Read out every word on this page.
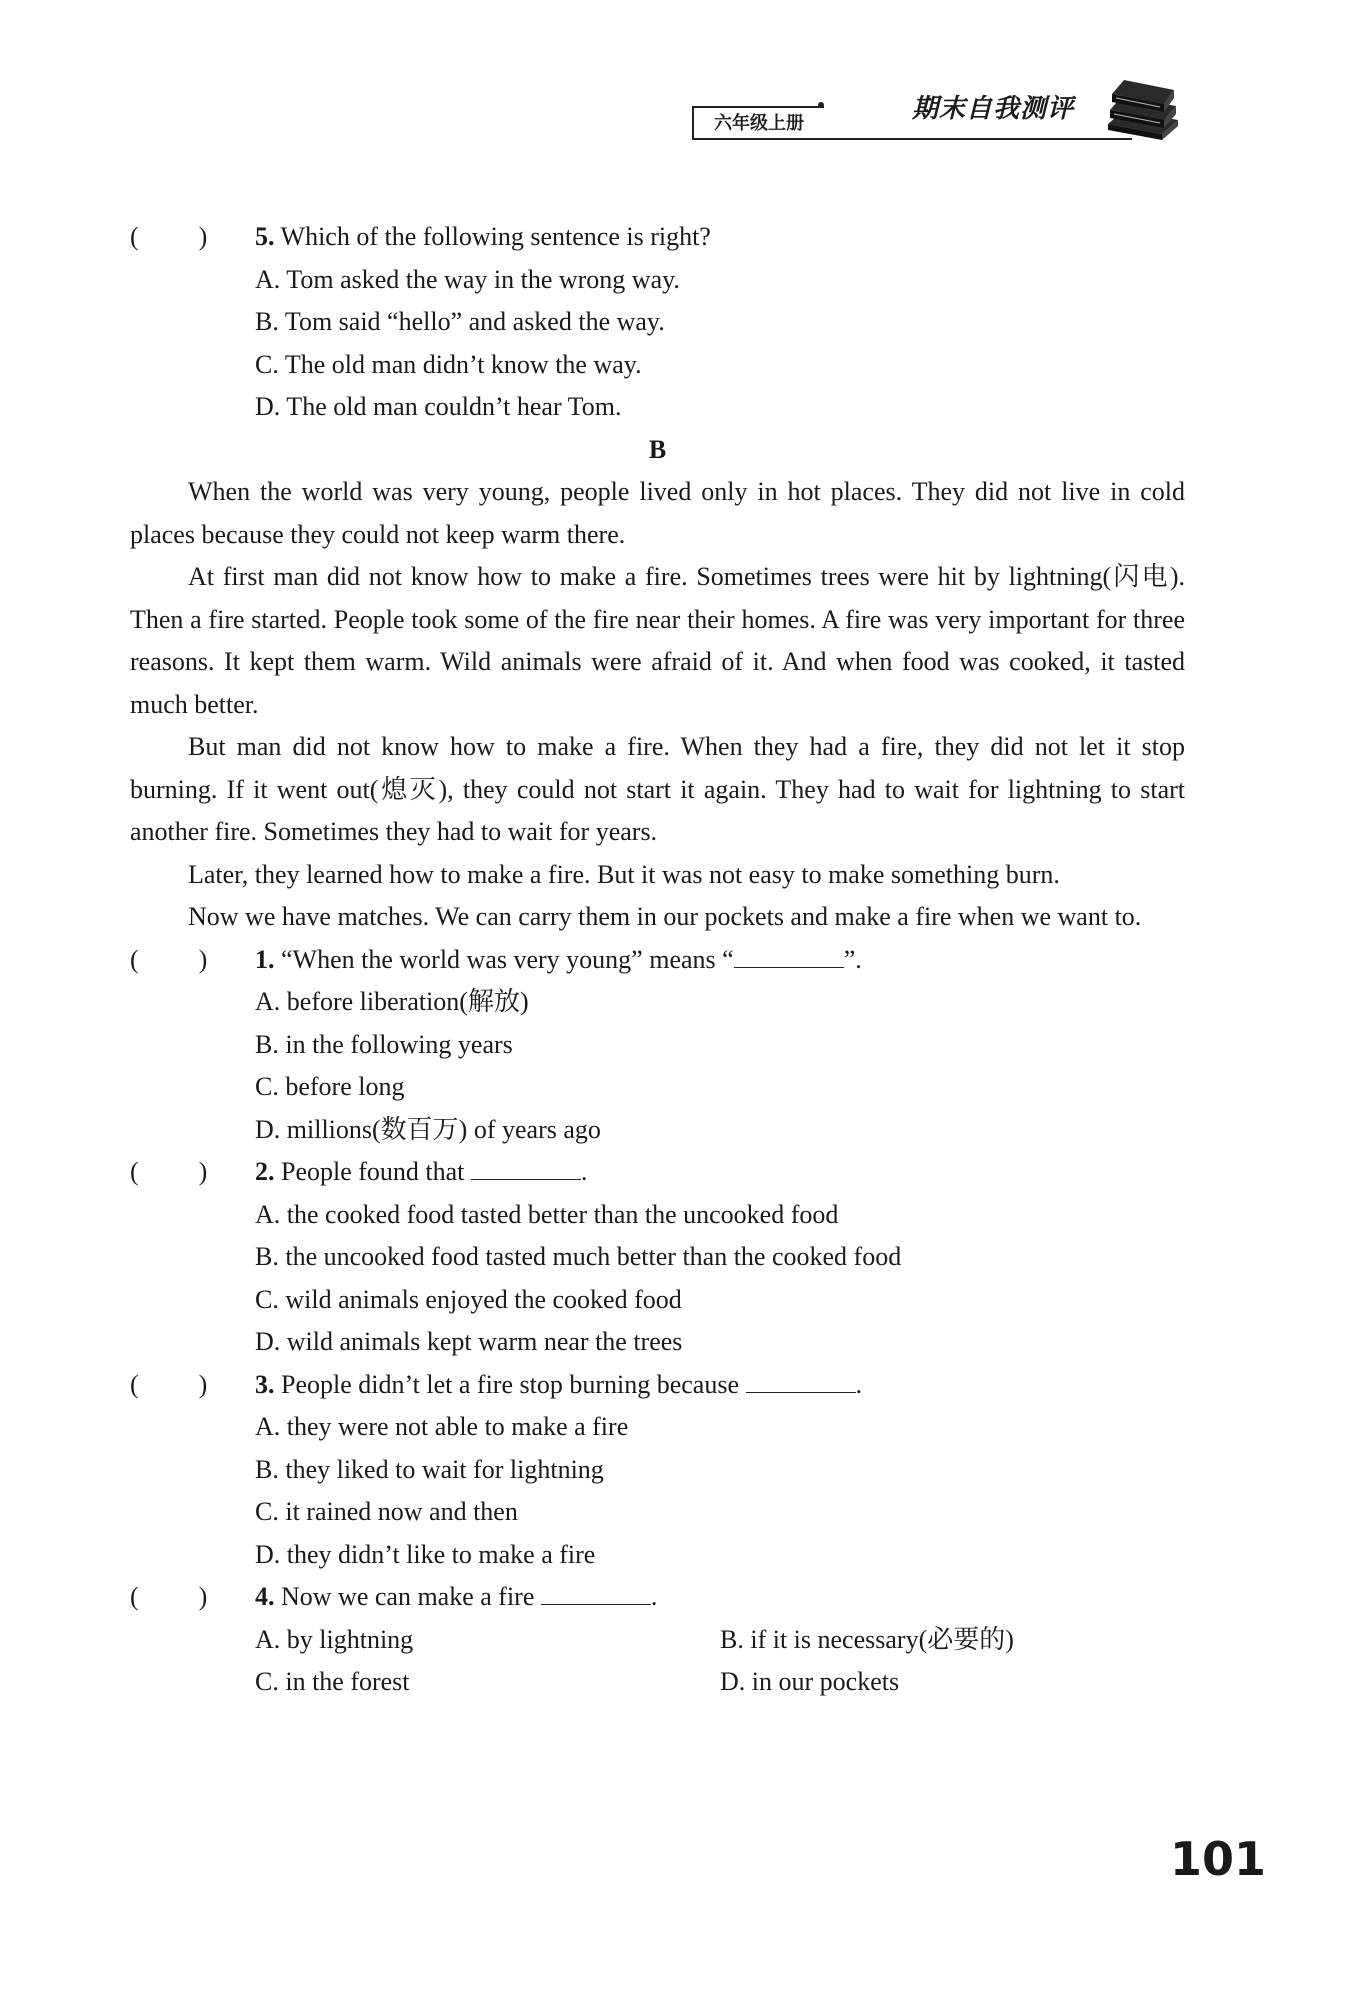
六年级上册	期末自我测评
( ) 5. Which of the following sentence is right?
A. Tom asked the way in the wrong way.
B. Tom said “hello” and asked the way.
C. The old man didn’t know the way.
D. The old man couldn’t hear Tom.
B
When the world was very young, people lived only in hot places. They did not live in cold places because they could not keep warm there.
At first man did not know how to make a fire. Sometimes trees were hit by lightning(闪电). Then a fire started. People took some of the fire near their homes. A fire was very important for three reasons. It kept them warm. Wild animals were afraid of it. And when food was cooked, it tasted much better.
But man did not know how to make a fire. When they had a fire, they did not let it stop burning. If it went out(熄灭), they could not start it again. They had to wait for lightning to start another fire. Sometimes they had to wait for years.
Later, they learned how to make a fire. But it was not easy to make something burn.
Now we have matches. We can carry them in our pockets and make a fire when we want to.
( ) 1. “When the world was very young” means “	”.
A. before liberation(解放)
B. in the following years
C. before long
D. millions(数百万) of years ago
( ) 2. People found that	.
A. the cooked food tasted better than the uncooked food
B. the uncooked food tasted much better than the cooked food
C. wild animals enjoyed the cooked food
D. wild animals kept warm near the trees
( ) 3. People didn’t let a fire stop burning because	.
A. they were not able to make a fire
B. they liked to wait for lightning
C. it rained now and then
D. they didn’t like to make a fire
( ) 4. Now we can make a fire	.
A. by lightning	B. if it is necessary(必要的)
C. in the forest	D. in our pockets
101
